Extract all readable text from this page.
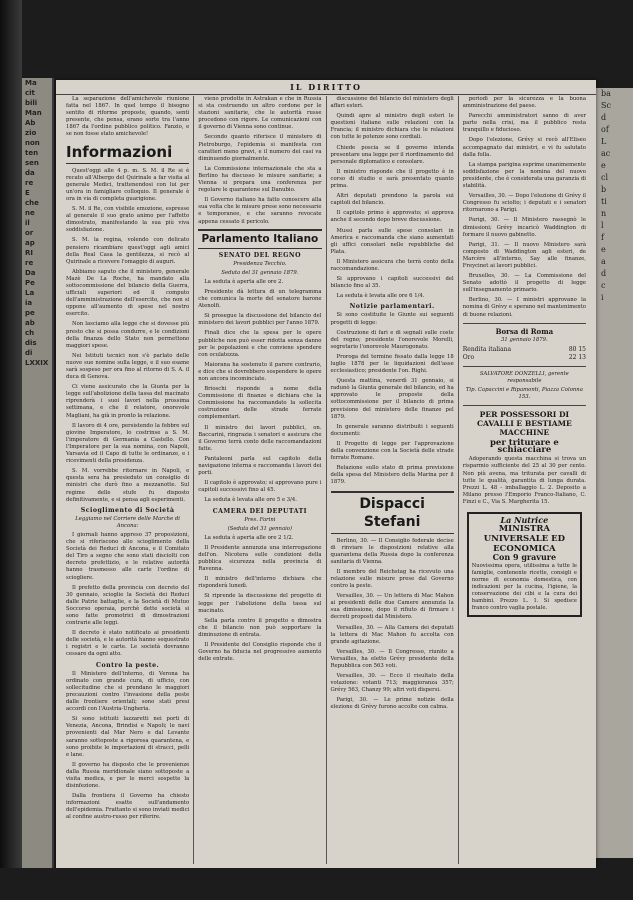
Ma
cit
bili
Man
Ab
zio
non
ten
sen
da
re
E
che
ne
il
or
ap
RI
re
Da
Pe
La
ia
pe
ab
ch
dis
di
LXXIX
ba
Sc
d
of
L
ac
e
cl
b
ti
n
l
f
e
a
d
c
i
IL DIRITTO

La separazione dell'amichevole riunione fatta nel 1867. In quel tempo il bisogno sentito di riforme proposte, quando, senti presente, che pensa, erano sorte tra l'anno 1867 da l'ordine pubblico politico. Fanzio, e se non fosse stato amichevole!

Informazioni

Quest'oggi alle 4 p. m. S. M. il Re si è recato all'Albergo del Quirinale a far visita al generale Medici, trattenendosi con lui per un'ora in famigliare colloquio. Il generale è ora in via di completa guarigione.

S. M. il Re, con visibile emozione, espresse al generale il suo grato animo per l'affetto dimostrato, manifestando la sua più viva soddisfazione.

S. M. la regina, volendo con delicato pensiero ricambiare quest'oggi agli amici della Real Casa la gentilezza, si recò al Quirinale a ricevere l'omaggio di auguri.

Abbiamo saputo che il ministero, generale Mazè De La Roche, ha mandato alla sottocommissione del bilancio della Guerra, ufficiali superiori ed il computo dell'amministrazione dell'esercito, che non si oppone all'aumento di spese nel nostro esercito.

Non lasciamo alla legge che si dovesse più presto che si possa condurre, e le condizioni della finanza dello Stato non permettono maggiori spese.

Nei Istituti tecnici non s'è parlato delle nuove sue nomine sulla legge, e il suo esame sarà sospeso per ora fino al ritorno di S. A. il duca di Genova.

Ci viene assicurato che la Giunta per la legge sull'abolizione della tassa del macinato riprenderà i suoi lavori nella prossima settimana, e che il relatore, onorevole Magliani, ha già in pronto la relazione.

Il lavoro di 4 ore, persistendo la febbre sul giovine Imperatore, lo costrinse a S. M. l'imperatore di Germania a Castello. Con l'Imperatore per la sua nomina, con Napoli, Varsavia ed il Capo di tutte le ordinanze, e i ricevimenti della presidenza.

S. M. vorrebbe ritornare in Napoli, e questa sera ha presieduto un consiglio di ministri che durò fino a mezzanotte. Sul regime delle stufe fu disposto definitivamente, e si pensa agli esperimenti.

Scioglimento di Società
Leggiamo nel Corriere delle Marche di Ancona:

I giornali hanno appreso 37 proposizioni, che si riferiscono allo scioglimento della Società dei Reduci di Ancona, e il Comitato del Tiro a segno che sono stati disciolti con decreto prefettizio, e le relative autorità hanno trasmesso alle carte l'ordine di sciogliere.

Il prefetto della provincia con decreto del 30 gennaio, scioglie la Società dei Reduci dalle Patrie battaglie, e la Società di Mutuo Soccorso operaia, perchè dette società si sono fatte promotrici di dimostrazioni contrarie alle leggi.

Il decreto è stato notificato ai presidenti delle società, e le autorità hanno sequestrato i registri e le carte. Le società dovranno cessare da ogni atto.

Contro la peste.

Il Ministero dell'interno, di Verona ha ordinato con grande cura, di ufficio, con sollecitudine che si prendano le maggiori precauzioni contro l'invasione della peste dalle frontiere orientali; sono stati presi accordi con l'Austria-Ungheria.

Si sono istituiti lazzaretti nei porti di Venezia, Ancona, Brindisi e Napoli; le navi provenienti dal Mar Nero e dal Levante saranno sottoposte a rigorosa quarantena, e sono proibite le importazioni di stracci, pelli e lane.

Il governo ha disposto che le provenienze dalla Russia meridionale siano sottoposte a visita medica, e per le merci sospette la disinfezione.

Dalla frontiera il Governo ha chiesto informazioni esatte sull'andamento dell'epidemia. Frattanto si sono inviati medici al confine austro-russo per riferire.

vieno prodotte in Astrakan e che in Russia si sta costruendo un altro cordone per le stazioni sanitarie, che le autorità russe procedono con rigore. Le comunicazioni con il governo di Vienna sono continue.

Secondo quanto riferisce il ministero di Pietroburgo, l'epidemia si manifesta con caratteri meno gravi, e il numero dei casi va diminuendo giornalmente.

La Commissione internazionale che sta a Berlino ha discusso le misure sanitarie; a Vienna si prepara una conferenza per regolare le quarantene sul Danubio.

Il Governo italiano ha fatto conoscere alla sua volta che le misure prese sono necessarie e temporanee, e che saranno revocate appena cessato il pericolo.

Parlamento Italiano
SENATO DEL REGNO
Presidenza Tecchio.
Seduta del 31 gennaio 1879.

La seduta è aperta alle ore 2.

Presidente dà lettura di un telegramma che comunica la morte del senatore barone Atenolfi.

Si prosegue la discussione del bilancio del ministero dei lavori pubblici per l'anno 1879.

Finali dice che la spesa per le opere pubbliche non può esser ridotta senza danno per le popolazioni e che conviene spendere con oculatezza.

Maiorana ha sostenuto il parere contrario, e dice che si dovrebbero sospendere le opere non ancora incominciate.

Brioschi risponde a nome della Commissione di finanze e dichiara che la Commissione ha raccomandato la sollecita costruzione delle strade ferrate complementari.

Il ministro dei lavori pubblici, on. Baccarini, ringrazia i senatori e assicura che il Governo terrà conto delle raccomandazioni fatte.

Pantaleoni parla sul capitolo della navigazione interna e raccomanda i lavori dei porti.

Il capitolo è approvato; si approvano pure i capitoli successivi fino al 45.

La seduta è levata alle ore 5 e 3/4.

CAMERA DEI DEPUTATI
Pres. Farini
(Seduta del 31 gennaio)

La seduta è aperta alle ore 2 1/2.

Il Presidente annunzia una interrogazione dell'on. Nicotera sulle condizioni della pubblica sicurezza nella provincia di Ravenna.

Il ministro dell'interno dichiara che risponderà lunedì.

Si riprende la discussione del progetto di legge per l'abolizione della tassa sul macinato.

Sella parla contro il progetto e dimostra che il bilancio non può sopportare la diminuzione di entrata.

Il Presidente del Consiglio risponde che il Governo ha fiducia nel progressivo aumento delle entrate.

discussione del bilancio del ministero degli affari esteri.

Quindi apre al ministro degli esteri le questioni italiane sulle relazioni con la Francia; il ministro dichiara che le relazioni con tutte le potenze sono cordiali.

Chiede poscia se il governo intenda presentare una legge per il riordinamento del personale diplomatico e consolare.

Il ministro risponde che il progetto è in corso di studio e sarà presentato quanto prima.

Altri deputati prendono la parola sui capitoli del bilancio.

Il capitolo primo è approvato; si approva anche il secondo dopo breve discussione.

Mussi parla sulle spese consolari in America e raccomanda che siano aumentati gli uffici consolari nelle repubbliche del Plata.

Il Ministero assicura che terrà conto della raccomandazione.

Si approvano i capitoli successivi del bilancio fino al 35.

La seduta è levata alle ore 6 1/4.

Notizie parlamentari.

Si sono costituite le Giunte sui seguenti progetti di legge:

Costruzione di fari e di segnali sulle coste del regno; presidente l'onorevole Morelli, segretario l'onorevole Maurogonato.

Proroga del termine fissato dalla legge 18 luglio 1878 per le liquidazioni dell'asse ecclesiastico; presidente l'on. Righi.

Questa mattina, venerdì 31 gennaio, si radunò la Giunta generale del bilancio, ed ha approvato le proposte della sottocommissione per il bilancio di prima previsione del ministero delle finanze pel 1879.

In generale saranno distribuiti i seguenti documenti:

Il Progetto di legge per l'approvazione della convenzione con la Società delle strade ferrate Romane.

Relazione sullo stato di prima previsione della spesa del Ministero della Marina per il 1879.

Dispacci Stefani

Berlino, 30. — Il Consiglio federale decise di rinviare le disposizioni relative alla quarantena della Russia dopo la conferenza sanitaria di Vienna.

Il membro del Reichstag ha ricevuto una relazione sulle misure prese dal Governo contro la peste.

Versailles, 30. — Un lettera di Mac Mahon ai presidenti delle due Camere annunzia la sua dimissione, dopo il rifiuto di firmare i decreti proposti dal Ministero.

Versailles, 30. — Alla Camera dei deputati la lettera di Mac Mahon fu accolta con grande agitazione.

Versailles, 30. — Il Congresso, riunito a Versailles, ha eletto Grévy presidente della Repubblica con 563 voti.

Versailles, 30. — Ecco il risultato della votazione: votanti 713; maggioranza 357; Grévy 563, Chanzy 99; altri voti dispersi.

Parigi, 30. — Le prime notizie della elezione di Grévy furono accolte con calma.

periodi per la sicurezza e la buona amministrazione del paese.

Parecchi amministratori sanno di aver parte nella crisi, ma il pubblico resta tranquillo e fiducioso.

Dopo l'elezione, Grévy si recò all'Eliseo accompagnato dai ministri, e vi fu salutato dalla folla.

La stampa parigina esprime unanimemente soddisfazione per la nomina del nuovo presidente, che è considerata una garanzia di stabilità.

Versailles, 30. — Dopo l'elezione di Grévy il Congresso fu sciolto; i deputati e i senatori ritornarono a Parigi.

Parigi, 30. — Il Ministero rassegnò le dimissioni; Grévy incaricò Waddington di formare il nuovo gabinetto.

Parigi, 31. — Il nuovo Ministero sarà composto di Waddington agli esteri, de Marcère all'interno, Say alle finanze, Freycinet ai lavori pubblici.

Bruxelles, 30. — La Commissione del Senato adottò il progetto di legge sull'insegnamento primario.

Berlino, 30. — I ministri approvano la nomina di Grévy e sperano nel mantenimento di buone relazioni.

Borsa di Roma
31 gennaio 1879.
Rendita italiana	80 15
Oro	22 13
SALVATORE DONZELLI, gerente responsabile
Tip. Capaccini e Ripamonti, Piazza Colonna 153.
PER POSSESSORI DI CAVALLI E BESTIAME MACCHINE
per triturare e schiacciare

Adoperando questa macchina si trova un risparmio sufficiente del 25 al 30 per cento. Non più avena, ma triturata per cavalli di tutte le qualità, garantita di lunga durata. Prezzi L. 48 - imballaggio L. 2. Deposito a Milano presso l'Emporio Franco-Italiano, C. Finzi e C., Via S. Margherita 15.

La Nutrice
MINISTRA UNIVERSALE ED ECONOMICA
Con 9 gravure
Nuovissima opera, utilissima a tutte le famiglie, contenente ricette, consigli e norme di economia domestica, con indicazioni per la cucina, l'igiene, la conservazione dei cibi e la cura dei bambini. Prezzo L. 1. Si spedisce franco contro vaglia postale.
